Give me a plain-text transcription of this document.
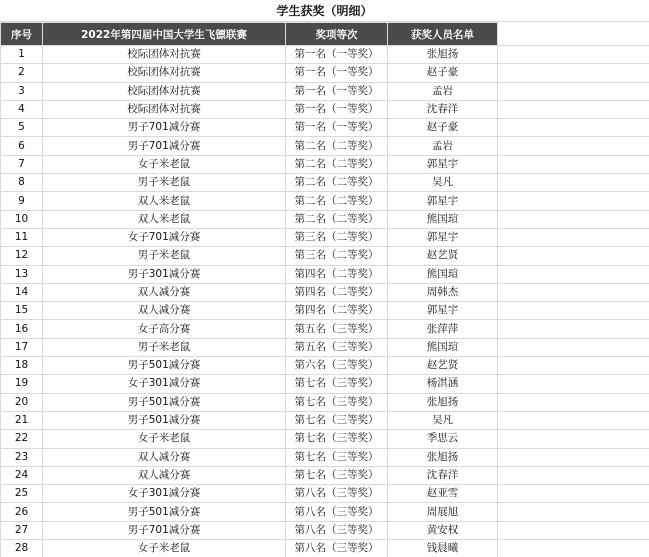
学生获奖（明细）
序号	2022年第四届中国大学生飞镖联赛	奖项等次	获奖人员名单	
1	校际团体对抗赛	第一名（一等奖）	张旭扬	
2	校际团体对抗赛	第一名（一等奖）	赵子豪	
3	校际团体对抗赛	第一名（一等奖）	孟岩	
4	校际团体对抗赛	第一名（一等奖）	沈春洋	
5	男子701减分赛	第一名（一等奖）	赵子豪	
6	男子701减分赛	第二名（二等奖）	孟岩	
7	女子米老鼠	第二名（二等奖）	郭星宇	
8	男子米老鼠	第二名（二等奖）	吴凡	
9	双人米老鼠	第二名（二等奖）	郭星宇	
10	双人米老鼠	第二名（二等奖）	熊国瑄	
11	女子701减分赛	第三名（二等奖）	郭星宇	
12	男子米老鼠	第三名（二等奖）	赵艺贤	
13	男子301减分赛	第四名（二等奖）	熊国瑄	
14	双人减分赛	第四名（二等奖）	周韩杰	
15	双人减分赛	第四名（二等奖）	郭星宇	
16	女子高分赛	第五名（三等奖）	张萍萍	
17	男子米老鼠	第五名（三等奖）	熊国瑄	
18	男子501减分赛	第六名（三等奖）	赵艺贤	
19	女子301减分赛	第七名（三等奖）	杨淇涵	
20	男子501减分赛	第七名（三等奖）	张旭扬	
21	男子501减分赛	第七名（三等奖）	吴凡	
22	女子米老鼠	第七名（三等奖）	季思云	
23	双人减分赛	第七名（三等奖）	张旭扬	
24	双人减分赛	第七名（三等奖）	沈春洋	
25	女子301减分赛	第八名（三等奖）	赵亚雪	
26	男子501减分赛	第八名（三等奖）	周展旭	
27	男子701减分赛	第八名（三等奖）	黄安权	
28	女子米老鼠	第八名（三等奖）	钱晨曦	
